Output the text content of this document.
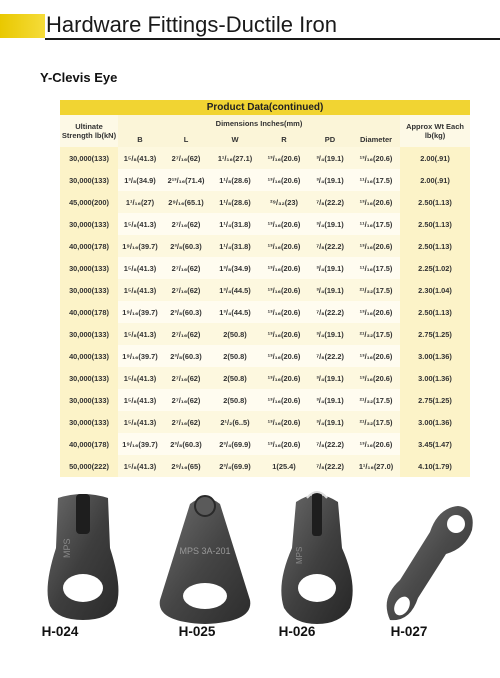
Hardware Fittings-Ductile Iron
Y-Clevis Eye
Product Data(continued)							
Ultinate Strength lb(kN)	Dimensions Inches(mm)						Approx Wt Each lb(kg)
	B	L	W	R	PD	Diameter	
30,000(133)	1⁵/₈(41.3)	2⁷/₁₆(62)	1¹/₁₆(27.1)	¹³/₁₆(20.6)	³/₄(19.1)	¹³/₁₆(20.6)	2.00(.91)
30,000(133)	1³/₈(34.9)	2¹³/₁₆(71.4)	1¹/₈(28.6)	¹³/₁₆(20.6)	³/₄(19.1)	¹¹/₁₆(17.5)	2.00(.91)
45,000(200)	1¹/₁₆(27)	2⁹/₁₆(65.1)	1¹/₈(28.6)	²⁹/₃₂(23)	⁷/₈(22.2)	¹³/₁₆(20.6)	2.50(1.13)
30,000(133)	1⁵/₈(41.3)	2⁷/₁₆(62)	1¹/₄(31.8)	¹³/₁₆(20.6)	³/₄(19.1)	¹¹/₁₆(17.5)	2.50(1.13)
40,000(178)	1⁹/₁₆(39.7)	2³/₈(60.3)	1¹/₄(31.8)	¹³/₁₆(20.6)	⁷/₈(22.2)	¹³/₁₆(20.6)	2.50(1.13)
30,000(133)	1⁵/₈(41.3)	2⁷/₁₆(62)	1³/₈(34.9)	¹³/₁₆(20.6)	³/₄(19.1)	¹¹/₁₆(17.5)	2.25(1.02)
30,000(133)	1⁵/₈(41.3)	2⁷/₁₆(62)	1³/₄(44.5)	¹³/₁₆(20.6)	³/₄(19.1)	²¹/₃₂(17.5)	2.30(1.04)
40,000(178)	1⁹/₁₆(39.7)	2³/₈(60.3)	1³/₄(44.5)	¹³/₁₆(20.6)	⁷/₈(22.2)	¹³/₁₆(20.6)	2.50(1.13)
30,000(133)	1⁵/₈(41.3)	2⁷/₁₆(62)	2(50.8)	¹³/₁₆(20.6)	³/₄(19.1)	²¹/₃₂(17.5)	2.75(1.25)
40,000(133)	1⁹/₁₆(39.7)	2³/₈(60.3)	2(50.8)	¹³/₁₆(20.6)	⁷/₈(22.2)	¹³/₁₆(20.6)	3.00(1.36)
30,000(133)	1⁵/₈(41.3)	2⁷/₁₆(62)	2(50.8)	¹³/₁₆(20.6)	³/₄(19.1)	¹³/₁₆(20.6)	3.00(1.36)
30,000(133)	1⁵/₈(41.3)	2⁷/₁₆(62)	2(50.8)	¹³/₁₆(20.6)	³/₄(19.1)	²¹/₃₂(17.5)	2.75(1.25)
30,000(133)	1⁵/₈(41.3)	2⁷/₁₆(62)	2¹/₂(6..5)	¹³/₁₆(20.6)	³/₄(19.1)	²¹/₃₂(17.5)	3.00(1.36)
40,000(178)	1⁹/₁₆(39.7)	2³/₈(60.3)	2³/₄(69.9)	¹³/₁₆(20.6)	⁷/₈(22.2)	¹³/₁₆(20.6)	3.45(1.47)
50,000(222)	1⁵/₈(41.3)	2⁹/₁₆(65)	2³/₄(69.9)	1(25.4)	⁷/₈(22.2)	1¹/₁₆(27.0)	4.10(1.79)
MPS	MPS 3A-201	MPS
H-024	H-025	H-026	H-027
